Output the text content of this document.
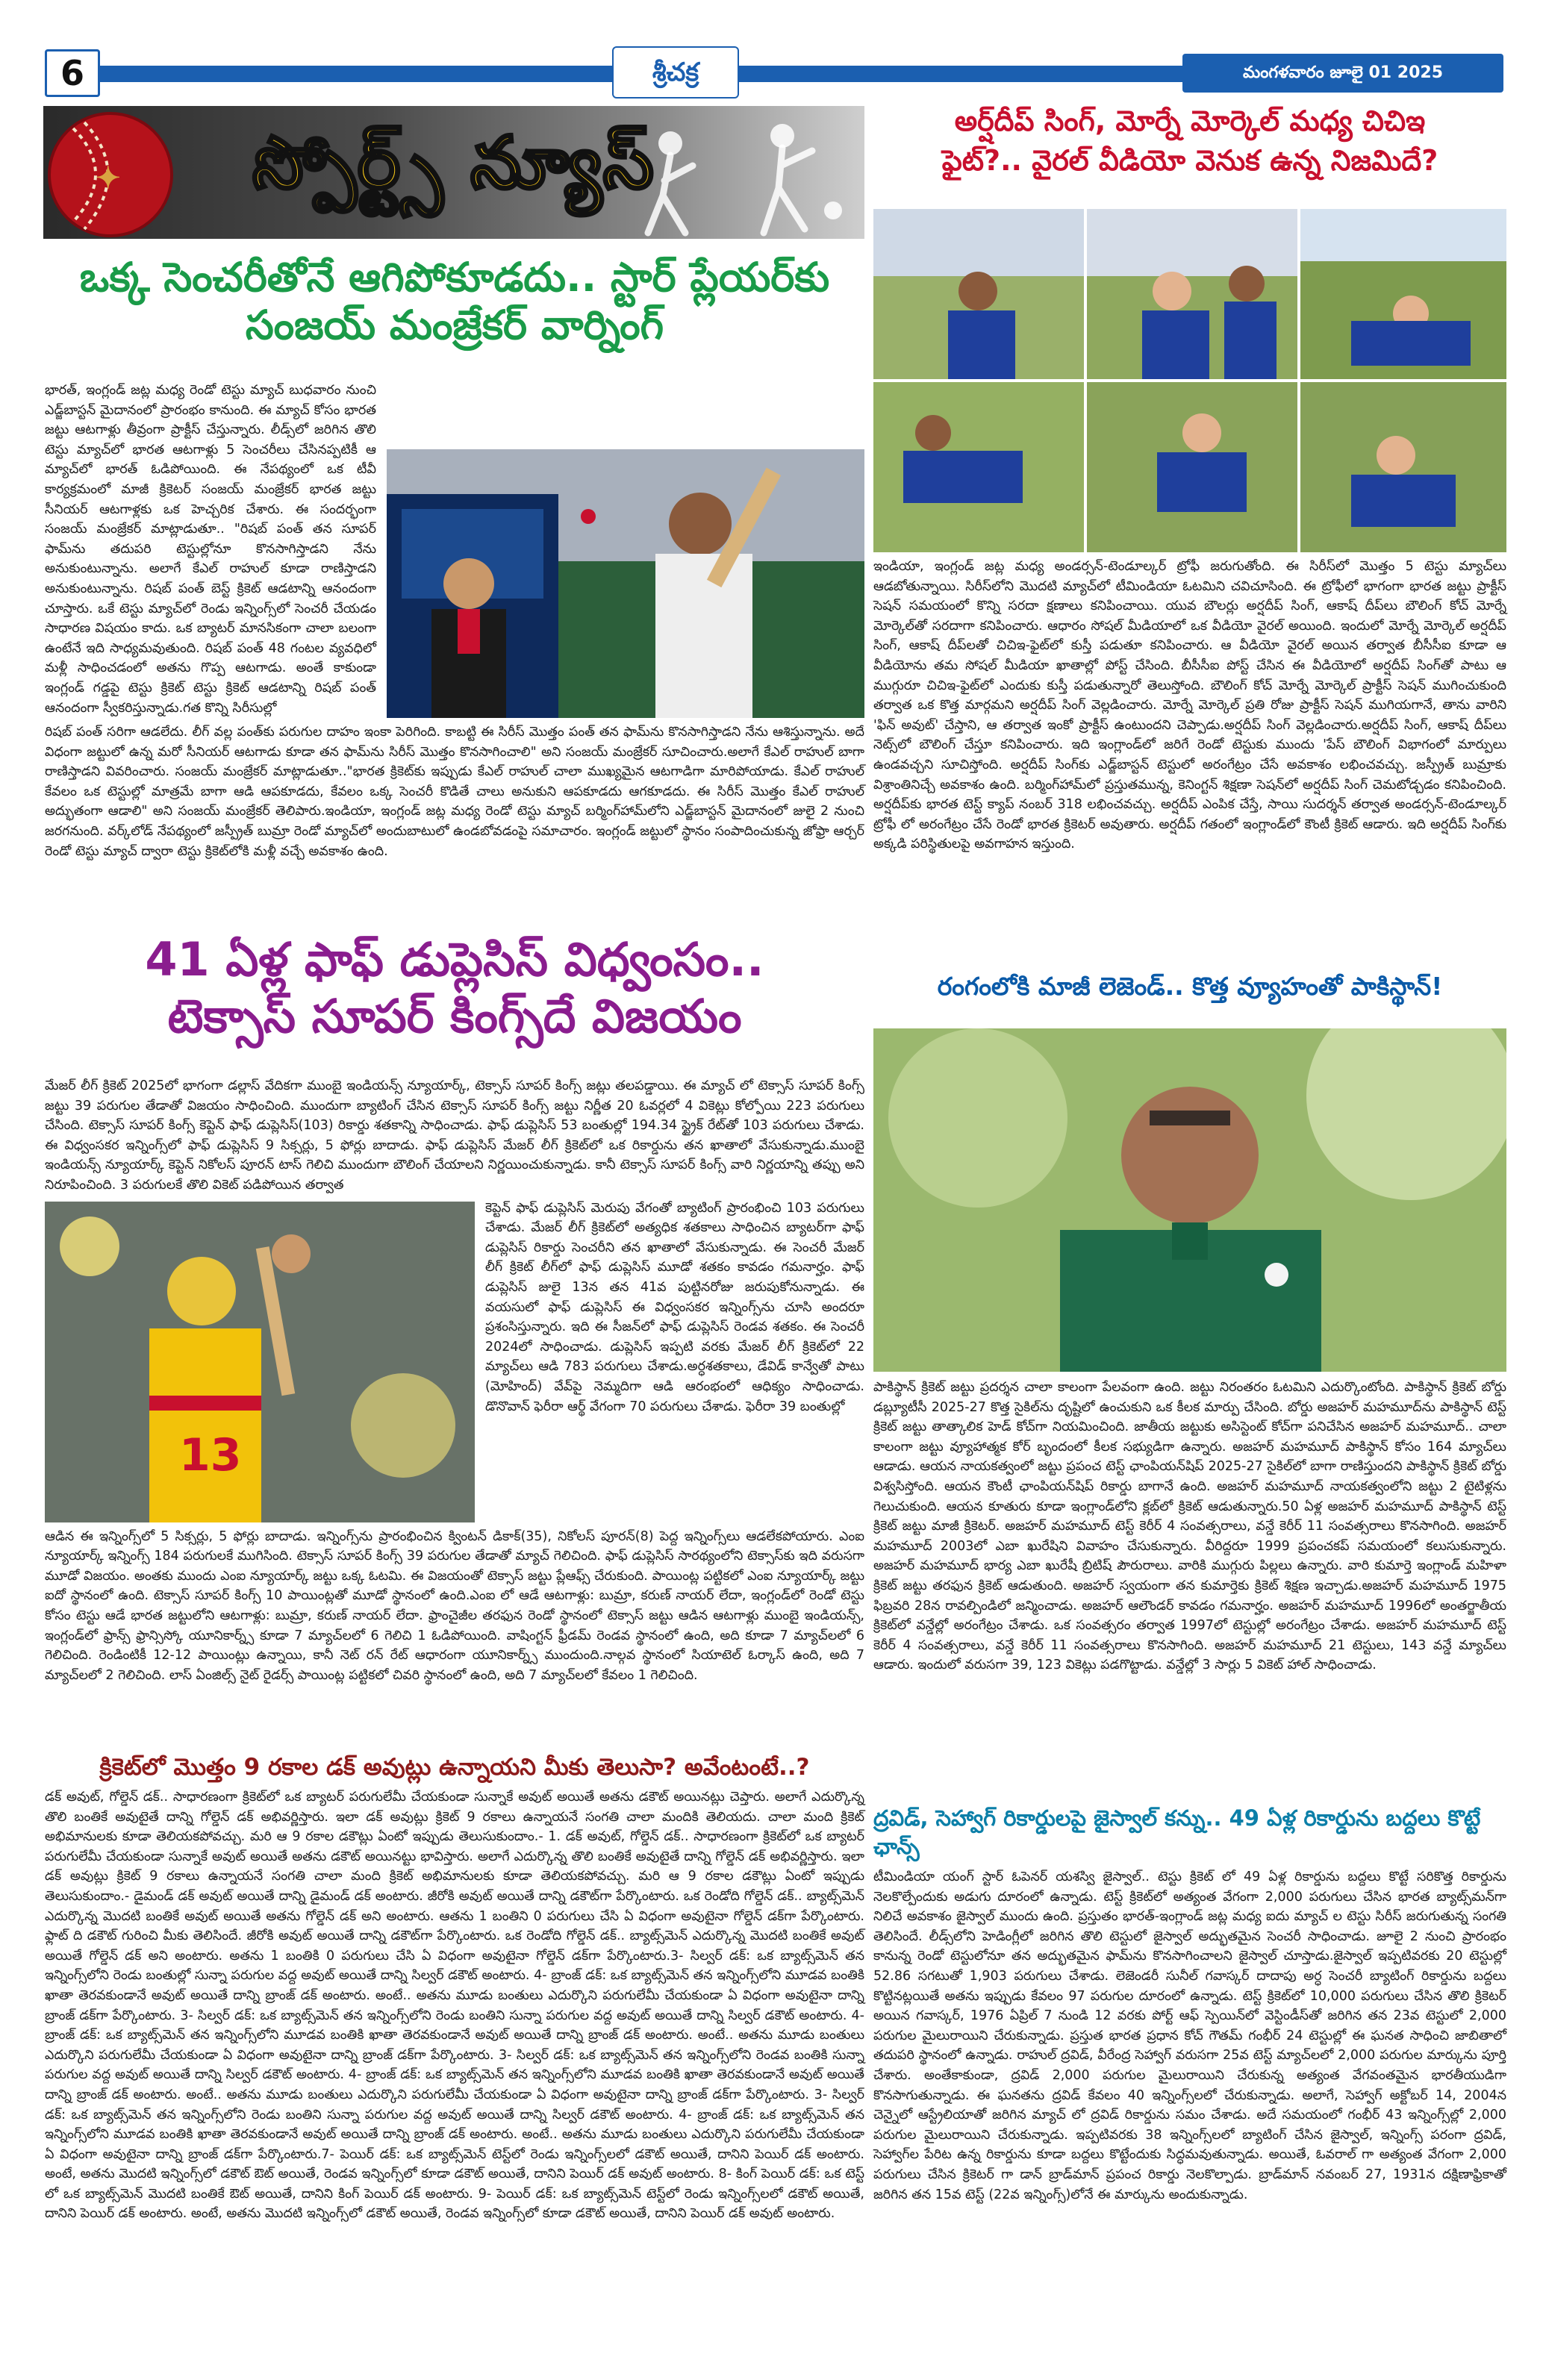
6	శ్రీచక్ర	మంగళవారం జూలై 01 2025
✦	స్పోర్ట్స్ న్యూస్
ఒక్క సెంచరీతోనే ఆగిపోకూడదు.. స్టార్ ప్లేయర్‌కు సంజయ్ మంజ్రేకర్ వార్నింగ్

భారత్, ఇంగ్లండ్ జట్ల మధ్య రెండో టెస్టు మ్యాచ్ బుధవారం నుంచి ఎడ్జ్‌బాస్టన్ మైదానంలో ప్రారంభం కానుంది. ఈ మ్యాచ్ కోసం భారత జట్టు ఆటగాళ్లు తీవ్రంగా ప్రాక్టీస్ చేస్తున్నారు. లీడ్స్‌లో జరిగిన తొలి టెస్టు మ్యాచ్‌లో భారత ఆటగాళ్లు 5 సెంచరీలు చేసినప్పటికీ ఆ మ్యాచ్‌లో భారత్ ఓడిపోయింది. ఈ నేపథ్యంలో ఒక టీవీ కార్యక్రమంలో మాజీ క్రికెటర్ సంజయ్ మంజ్రేకర్ భారత జట్టు సీనియర్ ఆటగాళ్లకు ఒక హెచ్చరిక చేశారు. ఈ సందర్భంగా సంజయ్ మంజ్రేకర్ మాట్లాడుతూ.. "రిషబ్ పంత్ తన సూపర్ ఫామ్‌ను తదుపరి టెస్టుల్లోనూ కొనసాగిస్తాడని నేను అనుకుంటున్నాను. అలాగే కేఎల్ రాహుల్ కూడా రాణిస్తాడని అనుకుంటున్నాను. రిషబ్ పంత్ బెస్ట్ క్రికెట్ ఆడటాన్ని ఆనందంగా చూస్తారు. ఒకే టెస్టు మ్యాచ్‌లో రెండు ఇన్నింగ్స్‌లో సెంచరీ చేయడం సాధారణ విషయం కాదు. ఒక బ్యాటర్ మానసికంగా చాలా బలంగా ఉంటేనే ఇది సాధ్యమవుతుంది. రిషబ్ పంత్ 48 గంటల వ్యవధిలో మళ్లీ సాధించడంలో అతను గొప్ప ఆటగాడు. అంతే కాకుండా ఇంగ్లండ్ గడ్డపై టెస్టు క్రికెట్ టెస్టు క్రికెట్ ఆడటాన్ని రిషబ్ పంత్ ఆనందంగా స్వీకరిస్తున్నాడు.గత కొన్ని సిరీసుల్లో

రిషబ్ పంత్ సరిగా ఆడలేదు. లీగ్ వల్ల పంత్‌కు పరుగుల దాహం ఇంకా పెరిగింది. కాబట్టి ఈ సిరీస్ మొత్తం పంత్ తన ఫామ్‌ను కొనసాగిస్తాడని నేను ఆశిస్తున్నాను. అదే విధంగా జట్టులో ఉన్న మరో సీనియర్ ఆటగాడు కూడా తన ఫామ్‌ను సిరీస్ మొత్తం కొనసాగించాలి" అని సంజయ్ మంజ్రేకర్ సూచించారు.అలాగే కేఎల్ రాహుల్ బాగా రాణిస్తాడని వివరించారు. సంజయ్ మంజ్రేకర్ మాట్లాడుతూ.."భారత క్రికెట్‌కు ఇప్పుడు కేఎల్ రాహుల్ చాలా ముఖ్యమైన ఆటగాడిగా మారిపోయాడు. కేఎల్ రాహుల్ కేవలం ఒక టెస్టుల్లో మాత్రమే బాగా ఆడి ఆపకూడదు, కేవలం ఒక్క సెంచరీ కొడితే చాలు అనుకుని ఆపకూడదు ఆగకూడదు. ఈ సిరీస్ మొత్తం కేఎల్ రాహుల్ అద్భుతంగా ఆడాలి" అని సంజయ్ మంజ్రేకర్ తెలిపారు.ఇండియా, ఇంగ్లండ్ జట్ల మధ్య రెండో టెస్టు మ్యాచ్ బర్మింగ్‌హామ్‌లోని ఎడ్జ్‌బాస్టన్ మైదానంలో జులై 2 నుంచి జరగనుంది. వర్క్‌లోడ్ నేపథ్యంలో జస్ప్రీత్ బుమ్రా రెండో మ్యాచ్‌లో అందుబాటులో ఉండబోవడంపై సమాచారం. ఇంగ్లండ్ జట్టులో స్థానం సంపాదించుకున్న జోఫ్రా ఆర్చర్ రెండో టెస్టు మ్యాచ్ ద్వారా టెస్టు క్రికెట్‌లోకి మళ్లీ వచ్చే అవకాశం ఉంది.

41 ఏళ్ల ఫాఫ్ డుప్లెసిస్ విధ్వంసం..
టెక్సాస్ సూపర్ కింగ్స్‌దే విజయం

మేజర్ లీగ్ క్రికెట్ 2025లో భాగంగా డల్లాస్ వేదికగా ముంబై ఇండియన్స్ న్యూయార్క్, టెక్సాస్ సూపర్ కింగ్స్ జట్లు తలపడ్డాయి. ఈ మ్యాచ్ లో టెక్సాస్ సూపర్ కింగ్స్ జట్టు 39 పరుగుల తేడాతో విజయం సాధించింది. ముందుగా బ్యాటింగ్ చేసిన టెక్సాస్ సూపర్ కింగ్స్ జట్టు నిర్ణీత 20 ఓవర్లలో 4 వికెట్లు కోల్పోయి 223 పరుగులు చేసింది. టెక్సాస్ సూపర్ కింగ్స్ కెప్టెన్ ఫాఫ్ డుప్లెసిస్(103) రికార్డు శతకాన్ని సాధించాడు. ఫాఫ్ డుప్లెసిస్ 53 బంతుల్లో 194.34 స్ట్రైక్ రేట్‌తో 103 పరుగులు చేశాడు. ఈ విధ్వంసకర ఇన్నింగ్స్‌లో ఫాఫ్ డుప్లెసిస్ 9 సిక్సర్లు, 5 ఫోర్లు బాదాడు. ఫాఫ్ డుప్లెసిస్ మేజర్ లీగ్ క్రికెట్‌లో ఒక రికార్డును తన ఖాతాలో వేసుకున్నాడు.ముంబై ఇండియన్స్ న్యూయార్క్ కెప్టెన్ నికోలస్ పూరన్ టాస్ గెలిచి ముందుగా బౌలింగ్ చేయాలని నిర్ణయించుకున్నాడు. కానీ టెక్సాస్ సూపర్ కింగ్స్ వారి నిర్ణయాన్ని తప్పు అని నిరూపించింది. 3 పరుగులకే తొలి వికెట్ పడిపోయిన తర్వాత

13

కెప్టెన్ ఫాఫ్ డుప్లెసిస్ మెరుపు వేగంతో బ్యాటింగ్ ప్రారంభించి 103 పరుగులు చేశాడు. మేజర్ లీగ్ క్రికెట్‌లో అత్యధిక శతకాలు సాధించిన బ్యాటర్‌గా ఫాఫ్ డుప్లెసిస్ రికార్డు సెంచరీని తన ఖాతాలో వేసుకున్నాడు. ఈ సెంచరీ మేజర్ లీగ్ క్రికెట్ లీగ్‌లో ఫాఫ్ డుప్లెసిస్ మూడో శతకం కావడం గమనార్హం. ఫాఫ్ డుప్లెసిస్ జులై 13న తన 41వ పుట్టినరోజు జరుపుకోనున్నాడు. ఈ వయసులో ఫాఫ్ డుప్లెసిస్ ఈ విధ్వంసకర ఇన్నింగ్స్‌ను చూసి అందరూ ప్రశంసిస్తున్నారు. ఇది ఈ సీజన్‌లో ఫాఫ్ డుప్లెసిస్ రెండవ శతకం. ఈ సెంచరీ 2024లో సాధించాడు. డుప్లెసిస్ ఇప్పటి వరకు మేజర్ లీగ్ క్రికెట్‌లో 22 మ్యాచ్‌లు ఆడి 783 పరుగులు చేశాడు.అర్ధశతకాలు, డేవిడ్ కాన్వేతో పాటు (మోహింద్) వేవ్‌పై నెమ్మదిగా ఆడి ఆరంభంలో ఆధిక్యం సాధించాడు. డొనొవాన్ ఫెరీరా ఆర్థ్ వేగంగా 70 పరుగులు చేశాడు. ఫెరీరా 39 బంతుల్లో

ఆడిన ఈ ఇన్నింగ్స్‌లో 5 సిక్సర్లు, 5 ఫోర్లు బాదాడు. ఇన్నింగ్స్‌ను ప్రారంభించిన క్వింటన్ డికాక్(35), నికోలస్ పూరన్(8) పెద్ద ఇన్నింగ్స్‌లు ఆడలేకపోయారు. ఎంఐ న్యూయార్క్ ఇన్నింగ్స్ 184 పరుగులకే ముగిసింది. టెక్సాస్ సూపర్ కింగ్స్ 39 పరుగుల తేడాతో మ్యాచ్ గెలిచింది. ఫాఫ్ డుప్లెసిస్ సారథ్యంలోని టెక్సాస్‌కు ఇది వరుసగా మూడో విజయం. అంతకు ముందు ఎంఐ న్యూయార్క్ జట్టు ఒక్క ఓటమి. ఈ విజయంతో టెక్సాస్ జట్టు ప్లేఆఫ్స్ చేరుకుంది. పాయింట్ల పట్టికలో ఎంఐ న్యూయార్క్ జట్టు ఐదో స్థానంలో ఉంది. టెక్సాస్ సూపర్ కింగ్స్ 10 పాయింట్లతో మూడో స్థానంలో ఉంది.ఎంఐ లో ఆడే ఆటగాళ్లు: బుమ్రా, కరుణ్ నాయర్ లేదా, ఇంగ్లండ్‌లో రెండో టెస్టు కోసం టెస్టు ఆడే భారత జట్టులోని ఆటగాళ్లు: బుమ్రా, కరుణ్ నాయర్ లేదా. ఫ్రాంచైజీల తరఫున రెండో స్థానంలో టెక్సాస్ జట్టు ఆడిన ఆటగాళ్లు ముంబై ఇండియన్స్, ఇంగ్లండ్‌లో ఫ్రాన్స్ ఫ్రాన్సిస్కో యూనికార్న్స్ కూడా 7 మ్యాచ్‌లలో 6 గెలిచి 1 ఓడిపోయింది. వాషింగ్టన్ ఫ్రీడమ్ రెండవ స్థానంలో ఉంది, అది కూడా 7 మ్యాచ్‌లలో 6 గెలిచింది. రెండింటికీ 12-12 పాయింట్లు ఉన్నాయి, కానీ నెట్ రన్ రేట్ ఆధారంగా యూనికార్న్స్ ముందుంది.నాల్గవ స్థానంలో సియాటెల్ ఓర్కాస్ ఉంది, అది 7 మ్యాచ్‌లలో 2 గెలిచింది. లాస్ ఏంజిల్స్ నైట్ రైడర్స్ పాయింట్ల పట్టికలో చివరి స్థానంలో ఉంది, అది 7 మ్యాచ్‌లలో కేవలం 1 గెలిచింది.

క్రికెట్‌లో మొత్తం 9 రకాల డక్ అవుట్లు ఉన్నాయని మీకు తెలుసా? అవేంటంటే..?

డక్ అవుట్, గోల్డెన్ డక్.. సాధారణంగా క్రికెట్‌లో ఒక బ్యాటర్ పరుగులేమీ చేయకుండా సున్నాకే అవుట్ అయితే అతను డకౌట్ అయినట్లు చెప్తారు. అలాగే ఎదుర్కొన్న తొలి బంతికే అవుటైతే దాన్ని గోల్డెన్ డక్ అభివర్ణిస్తారు. ఇలా డక్ అవుట్లు క్రికెట్ 9 రకాలు ఉన్నాయనే సంగతి చాలా మందికి తెలియదు. చాలా మంది క్రికెట్ అభిమానులకు కూడా తెలియకపోవచ్చు. మరి ఆ 9 రకాల డకౌట్లు ఏంటో ఇప్పుడు తెలుసుకుందాం.- 1. డక్ అవుట్, గోల్డెన్ డక్.. సాధారణంగా క్రికెట్‌లో ఒక బ్యాటర్ పరుగులేమీ చేయకుండా సున్నాకే అవుట్ అయితే అతను డకౌట్ అయినట్టు భావిస్తారు. అలాగే ఎదుర్కొన్న తొలి బంతికే అవుటైతే దాన్ని గోల్డెన్ డక్ అభివర్ణిస్తారు. ఇలా డక్ అవుట్లు క్రికెట్ 9 రకాలు ఉన్నాయనే సంగతి చాలా మంది క్రికెట్ అభిమానులకు కూడా తెలియకపోవచ్చు. మరి ఆ 9 రకాల డకౌట్లు ఏంటో ఇప్పుడు తెలుసుకుందాం.- డైమండ్ డక్ అవుట్ అయితే దాన్ని డైమండ్ డక్ అంటారు. జీరోకి అవుట్ అయితే దాన్ని డకౌట్‌గా పేర్కొంటారు. ఒక రెండోది గోల్డెన్ డక్.. బ్యాట్స్‌మెన్ ఎదుర్కొన్న మొదటి బంతికే అవుట్ అయితే అతను గోల్డెన్ డక్ అని అంటారు. ఆతను 1 బంతిని 0 పరుగులు చేసి ఏ విధంగా అవుటైనా గోల్డెన్ డక్‌గా పేర్కొంటారు. ఫ్లాట్ ది డకౌట్ గురించి మీకు తెలిసిందే. జీరోకి అవుట్ అయితే దాన్ని డకౌట్‌గా పేర్కొంటారు. ఒక రెండోది గోల్డెన్ డక్.. బ్యాట్స్‌మెన్ ఎదుర్కొన్న మొదటి బంతికే అవుట్ అయితే గోల్డెన్ డక్ అని అంటారు. అతను 1 బంతికి 0 పరుగులు చేసి ఏ విధంగా అవుటైనా గోల్డెన్ డక్‌గా పేర్కొంటారు.3- సిల్వర్ డక్: ఒక బ్యాట్స్‌మెన్ తన ఇన్నింగ్స్‌లోని రెండు బంతుల్లో సున్నా పరుగుల వద్ద అవుట్ అయితే దాన్ని సిల్వర్ డకౌట్ అంటారు. 4- బ్రాంజ్ డక్: ఒక బ్యాట్స్‌మెన్ తన ఇన్నింగ్స్‌లోని మూడవ బంతికి ఖాతా తెరవకుండానే అవుట్ అయితే దాన్ని బ్రాంజ్ డక్ అంటారు. అంటే.. అతను మూడు బంతులు ఎదుర్కొని పరుగులేమీ చేయకుండా ఏ విధంగా అవుటైనా దాన్ని బ్రాంజ్ డక్‌గా పేర్కొంటారు. 3- సిల్వర్ డక్: ఒక బ్యాట్స్‌మెన్ తన ఇన్నింగ్స్‌లోని రెండు బంతిని సున్నా పరుగుల వద్ద అవుట్ అయితే దాన్ని సిల్వర్ డకౌట్ అంటారు. 4- బ్రాంజ్ డక్: ఒక బ్యాట్స్‌మెన్ తన ఇన్నింగ్స్‌లోని మూడవ బంతికి ఖాతా తెరవకుండానే అవుట్ అయితే దాన్ని బ్రాంజ్ డక్ అంటారు. అంటే.. అతను మూడు బంతులు ఎదుర్కొని పరుగులేమీ చేయకుండా ఏ విధంగా అవుటైనా దాన్ని బ్రాంజ్ డక్‌గా పేర్కొంటారు. 3- సిల్వర్ డక్: ఒక బ్యాట్స్‌మెన్ తన ఇన్నింగ్స్‌లోని రెండవ బంతికి సున్నా పరుగుల వద్ద అవుట్ అయితే దాన్ని సిల్వర్ డకౌట్ అంటారు. 4- బ్రాంజ్ డక్: ఒక బ్యాట్స్‌మెన్ తన ఇన్నింగ్స్‌లోని మూడవ బంతికి ఖాతా తెరవకుండానే అవుట్ అయితే దాన్ని బ్రాంజ్ డక్ అంటారు. అంటే.. అతను మూడు బంతులు ఎదుర్కొని పరుగులేమీ చేయకుండా ఏ విధంగా అవుటైనా దాన్ని బ్రాంజ్ డక్‌గా పేర్కొంటారు. 3- సిల్వర్ డక్: ఒక బ్యాట్స్‌మెన్ తన ఇన్నింగ్స్‌లోని రెండు బంతిని సున్నా పరుగుల వద్ద అవుట్ అయితే దాన్ని సిల్వర్ డకౌట్ అంటారు. 4- బ్రాంజ్ డక్: ఒక బ్యాట్స్‌మెన్ తన ఇన్నింగ్స్‌లోని మూడవ బంతికి ఖాతా తెరవకుండానే అవుట్ అయితే దాన్ని బ్రాంజ్ డక్ అంటారు. అంటే.. అతను మూడు బంతులు ఎదుర్కొని పరుగులేమీ చేయకుండా ఏ విధంగా అవుటైనా దాన్ని బ్రాంజ్ డక్‌గా పేర్కొంటారు.7- పెయిర్ డక్: ఒక బ్యాట్స్‌మెన్ టెస్ట్‌లో రెండు ఇన్నింగ్స్‌లలో డకౌట్ అయితే, దానిని పెయిర్ డక్ అంటారు. అంటే, అతను మొదటి ఇన్నింగ్స్‌లో డకౌట్ ఔట్ అయితే, రెండవ ఇన్నింగ్స్‌లో కూడా డకౌట్ అయితే, దానిని పెయిర్ డక్ అవుట్ అంటారు. 8- కింగ్ పెయిర్ డక్: ఒక టెస్ట్ లో ఒక బ్యాట్స్‌మెన్ మొదటి బంతికే ఔట్ అయితే, దానిని కింగ్ పెయిర్ డక్ అంటారు. 9- పెయిర్ డక్: ఒక బ్యాట్స్‌మెన్ టెస్ట్‌లో రెండు ఇన్నింగ్స్‌లలో డకౌట్ అయితే, దానిని పెయిర్ డక్ అంటారు. అంటే, అతను మొదటి ఇన్నింగ్స్‌లో డకౌట్ అయితే, రెండవ ఇన్నింగ్స్‌లో కూడా డకౌట్ అయితే, దానిని పెయిర్ డక్ అవుట్ అంటారు.

అర్ష్‌దీప్ సింగ్, మోర్నే మోర్కెల్ మధ్య చిచిఇ
ఫైట్?.. వైరల్ వీడియో వెనుక ఉన్న నిజమిదే?

ఇండియా, ఇంగ్లండ్ జట్ల మధ్య అండర్సన్-టెండూల్కర్ ట్రోఫీ జరుగుతోంది. ఈ సిరీస్‌లో మొత్తం 5 టెస్టు మ్యాచ్‌లు ఆడబోతున్నాయి. సిరీస్‌లోని మొదటి మ్యాచ్‌లో టీమిండియా ఓటమిని చవిచూసింది. ఈ ట్రోఫీలో భాగంగా భారత జట్టు ప్రాక్టీస్ సెషన్ సమయంలో కొన్ని సరదా క్షణాలు కనిపించాయి. యువ బౌలర్లు అర్షదీప్ సింగ్, ఆకాష్ దీప్‌లు బౌలింగ్ కోచ్ మోర్నే మోర్కెల్‌తో సరదాగా కనిపించారు. ఆధారం సోషల్ మీడియాలో ఒక వీడియో వైరల్ అయింది. ఇందులో మోర్నే మోర్కెల్ అర్షదీప్ సింగ్, ఆకాష్ దీప్‌లతో చిచిఇ-ఫైట్‌లో కుస్తీ పడుతూ కనిపించారు. ఆ వీడియో వైరల్ అయిన తర్వాత బీసీసీఐ కూడా ఆ వీడియోను తమ సోషల్ మీడియా ఖాతాల్లో పోస్ట్ చేసింది. బీసీసీఐ పోస్ట్ చేసిన ఈ వీడియోలో అర్షదీప్ సింగ్‌తో పాటు ఆ ముగ్గురూ చిచిఇ-ఫైట్‌లో ఎందుకు కుస్తీ పడుతున్నారో తెలుస్తోంది. బౌలింగ్ కోచ్ మోర్నే మోర్కెల్ ప్రాక్టీస్ సెషన్ ముగించుకుంది తర్వాత ఒక కొత్త మార్గమని అర్షదీప్ సింగ్ వెల్లడించారు. మోర్నే మోర్కెల్ ప్రతి రోజు ప్రాక్టీస్ సెషన్ ముగియగానే, తాను వారిని 'ఫిన్ అవుట్' చేస్తాని, ఆ తర్వాత ఇంకో ప్రాక్టీస్ ఉంటుందని చెప్పాడు.అర్షదీప్ సింగ్ వెల్లడించారు.అర్షదీప్ సింగ్, ఆకాష్ దీప్‌లు నెట్స్‌లో బౌలింగ్ చేస్తూ కనిపించారు. ఇది ఇంగ్లాండ్‌లో జరిగే రెండో టెస్టుకు ముందు 'పేస్ బౌలింగ్ విభాగంలో మార్పులు ఉండవచ్చని సూచిస్తోంది. అర్షదీప్ సింగ్‌కు ఎడ్జ్‌బాస్టన్ టెస్టులో అరంగేట్రం చేసే అవకాశం లభించవచ్చు. జస్ప్రీత్ బుమ్రాకు విశ్రాంతినిచ్చే అవకాశం ఉంది. బర్మింగ్‌హామ్‌లో ప్రస్తుతమున్న, కెనింగ్టన్ శిక్షణా సెషన్‌లో అర్షదీప్ సింగ్ చెమటోడ్చడం కనిపించింది. అర్షదీప్‌కు భారత టెస్ట్ క్యాప్ నంబర్ 318 లభించవచ్చు. అర్షదీప్ ఎంపిక చేస్తే, సాయి సుదర్శన్ తర్వాత అండర్సన్-టెండూల్కర్ ట్రోఫీ లో అరంగేట్రం చేసే రెండో భారత క్రికెటర్ అవుతారు. అర్షదీప్ గతంలో ఇంగ్లాండ్‌లో కౌంటీ క్రికెట్ ఆడారు. ఇది అర్షదీప్ సింగ్‌కు అక్కడి పరిస్థితులపై అవగాహన ఇస్తుంది.

రంగంలోకి మాజీ లెజెండ్.. కొత్త వ్యూహంతో పాకిస్థాన్!

పాకిస్థాన్ క్రికెట్ జట్టు ప్రదర్శన చాలా కాలంగా పేలవంగా ఉంది. జట్టు నిరంతరం ఓటమిని ఎదుర్కొంటోంది. పాకిస్థాన్ క్రికెట్ బోర్డు డబ్ల్యూటీసీ 2025-27 కొత్త సైకిల్‌ను దృష్టిలో ఉంచుకుని ఒక కీలక మార్పు చేసింది. బోర్డు అజహర్ మహమూద్‌ను పాకిస్థాన్ టెస్ట్ క్రికెట్ జట్టు తాత్కాలిక హెడ్ కోచ్‌గా నియమించింది. జాతీయ జట్టుకు అసిస్టెంట్ కోచ్‌గా పనిచేసిన అజహర్ మహమూద్.. చాలా కాలంగా జట్టు వ్యూహాత్మక కోర్ బృందంలో కీలక సభ్యుడిగా ఉన్నారు. అజహర్ మహమూద్ పాకిస్థాన్ కోసం 164 మ్యాచ్‌లు ఆడాడు. ఆయన నాయకత్వంలో జట్టు ప్రపంచ టెస్ట్ ఛాంపియన్‌షిప్ 2025-27 సైకిల్‌లో బాగా రాణిస్తుందని పాకిస్థాన్ క్రికెట్ బోర్డు విశ్వసిస్తోంది. ఆయన కౌంటీ ఛాంపియన్‌షిప్ రికార్డు బాగానే ఉంది. అజహర్ మహమూద్ నాయకత్వంలోని జట్టు 2 టైటిళ్లను గెలుచుకుంది. ఆయన కూతురు కూడా ఇంగ్లాండ్‌లోని క్లబ్‌లో క్రికెట్ ఆడుతున్నారు.50 ఏళ్ల అజహర్ మహమూద్ పాకిస్థాన్ టెస్ట్ క్రికెట్ జట్టు మాజీ క్రికెటర్. అజహర్ మహమూద్ టెస్ట్ కెరీర్ 4 సంవత్సరాలు, వన్డే కెరీర్ 11 సంవత్సరాలు కొనసాగింది. అజహర్ మహమూద్ 2003లో ఎబా ఖురేషిని వివాహం చేసుకున్నారు. వీరిద్దరూ 1999 ప్రపంచకప్ సమయంలో కలుసుకున్నారు. అజహర్ మహమూద్ భార్య ఎబా ఖురేషీ బ్రిటిష్ పౌరురాలు. వారికి ముగ్గురు పిల్లలు ఉన్నారు. వారి కుమార్తె ఇంగ్లాండ్ మహిళా క్రికెట్ జట్టు తరఫున క్రికెట్ ఆడుతుంది. అజహర్ స్వయంగా తన కుమార్తెకు క్రికెట్ శిక్షణ ఇచ్చాడు.అజహర్ మహమూద్ 1975 ఫిబ్రవరి 28న రావల్పిండిలో జన్మించాడు. అజహర్ ఆలౌండర్ కావడం గమనార్హం. అజహర్ మహమూద్ 1996లో అంతర్జాతీయ క్రికెట్‌లో వన్డేల్లో అరంగేట్రం చేశాడు. ఒక సంవత్సరం తర్వాత 1997లో టెస్టుల్లో అరంగేట్రం చేశాడు. అజహర్ మహమూద్ టెస్ట్ కెరీర్ 4 సంవత్సరాలు, వన్డే కెరీర్ 11 సంవత్సరాలు కొనసాగింది. అజహర్ మహమూద్ 21 టెస్టులు, 143 వన్డే మ్యాచ్‌లు ఆడారు. ఇందులో వరుసగా 39, 123 వికెట్లు పడగొట్టాడు. వన్డేల్లో 3 సార్లు 5 వికెట్ హాల్ సాధించాడు.

ద్రవిడ్, సెహ్వాగ్ రికార్డులపై జైస్వాల్ కన్ను.. 49 ఏళ్ల రికార్డును బద్దలు కొట్టే ఛాన్స్

టీమిండియా యంగ్ స్టార్ ఓపెనర్ యశస్వి జైస్వాల్.. టెస్టు క్రికెట్ లో 49 ఏళ్ల రికార్డును బద్దలు కొట్టే సరికొత్త రికార్డును నెలకొల్పేందుకు అడుగు దూరంలో ఉన్నాడు. టెస్ట్ క్రికెట్‌లో అత్యంత వేగంగా 2,000 పరుగులు చేసిన భారత బ్యాట్స్‌మన్‌గా నిలిచే అవకాశం జైస్వాల్ ముందు ఉంది. ప్రస్తుతం భారత్-ఇంగ్లాండ్ జట్ల మధ్య ఐదు మ్యాచ్ ల టెస్టు సిరీస్ జరుగుతున్న సంగతి తెలిసిందే. లీడ్స్‌లోని హెడింగ్లీలో జరిగిన తొలి టెస్టులో జైస్వాల్ అద్భుతమైన సెంచరీ సాధించాడు. జూలై 2 నుంచి ప్రారంభం కానున్న రెండో టెస్టులోనూ తన అద్భుతమైన ఫామ్‌ను కొనసాగించాలని జైస్వాల్ చూస్తాడు.జైస్వాల్ ఇప్పటివరకు 20 టెస్టుల్లో 52.86 సగటుతో 1,903 పరుగులు చేశాడు. లెజెండరీ సునీల్ గవాస్కర్ దాదాపు అర్ధ సెంచరీ బ్యాటింగ్ రికార్డును బద్దలు కొట్టినట్లయితే అతను ఇప్పుడు కేవలం 97 పరుగుల దూరంలో ఉన్నాడు. టెస్ట్ క్రికెట్‌లో 10,000 పరుగులు చేసిన తొలి క్రికెటర్ అయిన గవాస్కర్, 1976 ఏప్రిల్ 7 నుండి 12 వరకు పోర్ట్ ఆఫ్ స్పెయిన్‌లో వెస్టిండీస్‌తో జరిగిన తన 23వ టెస్టులో 2,000 పరుగుల మైలురాయిని చేరుకున్నాడు. ప్రస్తుత భారత ప్రధాన కోచ్ గౌతమ్ గంభీర్ 24 టెస్టుల్లో ఈ ఘనత సాధించి జాబితాలో తదుపరి స్థానంలో ఉన్నాడు. రాహుల్ ద్రవిడ్, వీరేంద్ర సెహ్వాగ్ వరుసగా 25వ టెస్ట్ మ్యాచ్‌లలో 2,000 పరుగుల మార్కును పూర్తి చేశారు. అంతేకాకుండా, ద్రవిడ్ 2,000 పరుగుల మైలురాయిని చేరుకున్న అత్యంత వేగవంతమైన భారతీయుడిగా కొనసాగుతున్నాడు. ఈ ఘనతను ద్రవిడ్ కేవలం 40 ఇన్నింగ్స్‌లలో చేరుకున్నాడు. అలాగే, సెహ్వాగ్ అక్టోబర్ 14, 2004న చెన్నైలో ఆస్ట్రేలియాతో జరిగిన మ్యాచ్ లో ద్రవిడ్ రికార్డును సమం చేశాడు. అదే సమయంలో గంభీర్ 43 ఇన్నింగ్స్‌ల్లో 2,000 పరుగుల మైలురాయిని చేరుకున్నాడు. ఇప్పటివరకు 38 ఇన్నింగ్స్‌లలో బ్యాటింగ్ చేసిన జైస్వాల్, ఇన్నింగ్స్ పరంగా ద్రవిడ్, సెహ్వాగ్‌ల పేరిట ఉన్న రికార్డును కూడా బద్దలు కొట్టేందుకు సిద్ధమవుతున్నాడు. అయితే, ఓవరాల్ గా అత్యంత వేగంగా 2,000 పరుగులు చేసిన క్రికెటర్ గా డాన్ బ్రాడ్‌మాన్ ప్రపంచ రికార్డు నెలకొల్పాడు. బ్రాడ్‌మాన్ నవంబర్ 27, 1931న దక్షిణాఫ్రికాతో జరిగిన తన 15వ టెస్ట్ (22వ ఇన్నింగ్స్)లోనే ఈ మార్కును అందుకున్నాడు.
